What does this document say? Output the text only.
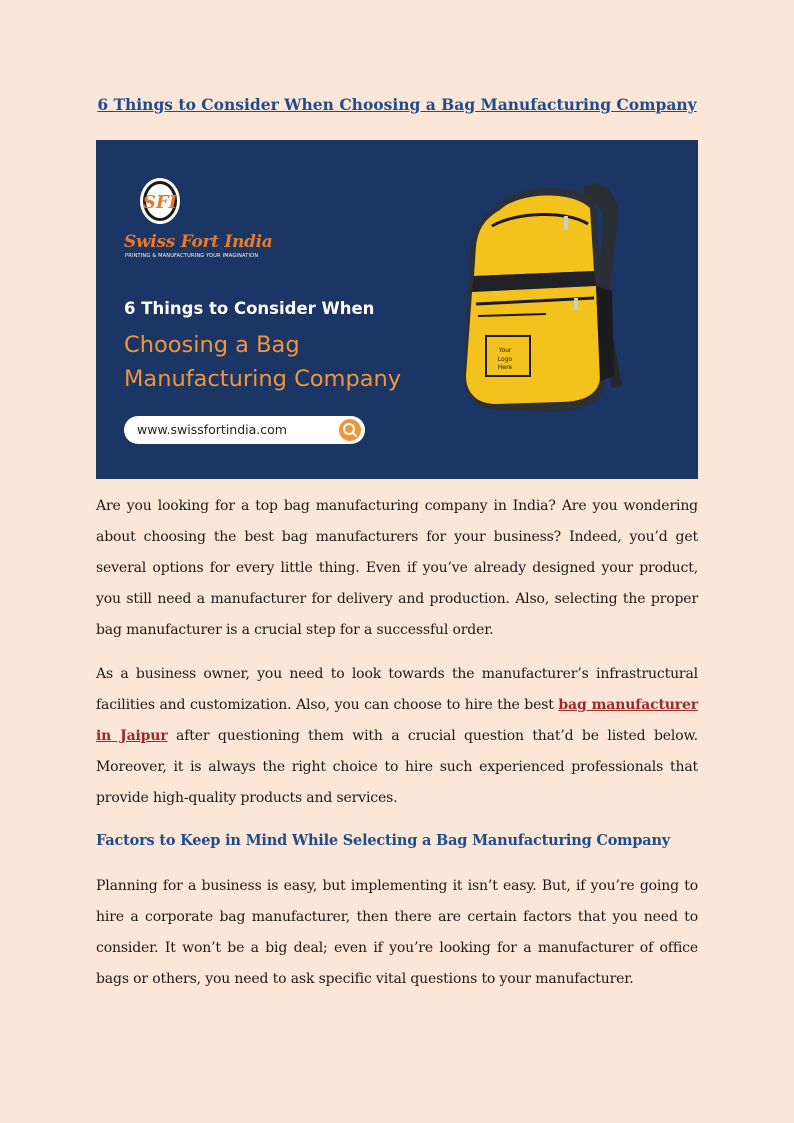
6 Things to Consider When Choosing a Bag Manufacturing Company
SFI
Swiss Fort India
PRINTING & MANUFACTURING YOUR IMAGINATION
6 Things to Consider When
Choosing a Bag
Manufacturing Company
www.swissfortindia.com
Your
Logo
Here

Are you looking for a top bag manufacturing company in India? Are you wondering about choosing the best bag manufacturers for your business? Indeed, you’d get several options for every little thing. Even if you’ve already designed your product, you still need a manufacturer for delivery and production. Also, selecting the proper bag manufacturer is a crucial step for a successful order.

As a business owner, you need to look towards the manufacturer’s infrastructural facilities and customization. Also, you can choose to hire the best bag manufacturer in Jaipur after questioning them with a crucial question that’d be listed below. Moreover, it is always the right choice to hire such experienced professionals that provide high-quality products and services.

Factors to Keep in Mind While Selecting a Bag Manufacturing Company

Planning for a business is easy, but implementing it isn’t easy. But, if you’re going to hire a corporate bag manufacturer, then there are certain factors that you need to consider. It won’t be a big deal; even if you’re looking for a manufacturer of office bags or others, you need to ask specific vital questions to your manufacturer.
